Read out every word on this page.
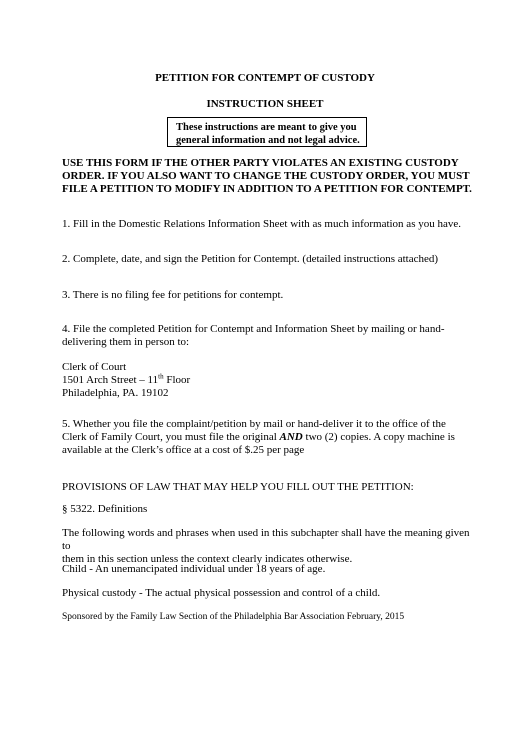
PETITION FOR CONTEMPT OF CUSTODY

INSTRUCTION SHEET

These instructions are meant to give you
general information and not legal advice.
USE THIS FORM IF THE OTHER PARTY VIOLATES AN EXISTING CUSTODY
ORDER. IF YOU ALSO WANT TO CHANGE THE CUSTODY ORDER, YOU MUST
FILE A PETITION TO MODIFY IN ADDITION TO A PETITION FOR CONTEMPT.

1. Fill in the Domestic Relations Information Sheet with as much information as you have.

2. Complete, date, and sign the Petition for Contempt. (detailed instructions attached)

3. There is no filing fee for petitions for contempt.

4. File the completed Petition for Contempt and Information Sheet by mailing or hand-
delivering them in person to:
Clerk of Court
1501 Arch Street – 11th Floor
Philadelphia, PA. 19102
5. Whether you file the complaint/petition by mail or hand-deliver it to the office of the
Clerk of Family Court, you must file the original AND two (2) copies. A copy machine is
available at the Clerk’s office at a cost of $.25 per page

PROVISIONS OF LAW THAT MAY HELP YOU FILL OUT THE PETITION:

§ 5322. Definitions

The following words and phrases when used in this subchapter shall have the meaning given to
them in this section unless the context clearly indicates otherwise.

Child - An unemancipated individual under 18 years of age.

Physical custody - The actual physical possession and control of a child.

Sponsored by the Family Law Section of the Philadelphia Bar Association February, 2015
